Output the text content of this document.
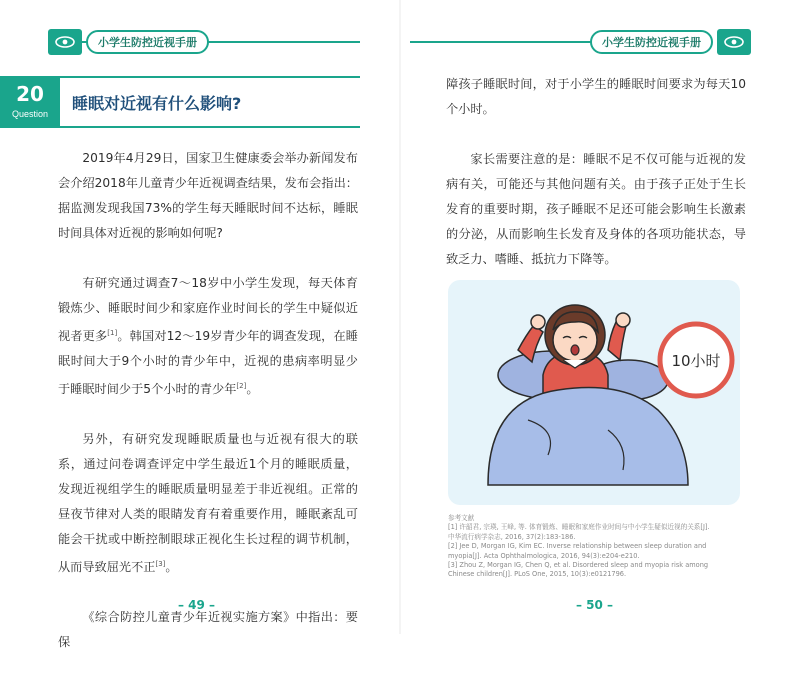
小学生防控近视手册
20
Question
睡眠对近视有什么影响?

2019年4月29日，国家卫生健康委会举办新闻发布会介绍2018年儿童青少年近视调查结果，发布会指出：据监测发现我国73%的学生每天睡眠时间不达标，睡眠时间具体对近视的影响如何呢?

有研究通过调查7～18岁中小学生发现，每天体育锻炼少、睡眠时间少和家庭作业时间长的学生中疑似近视者更多[1]。韩国对12～19岁青少年的调查发现，在睡眠时间大于9个小时的青少年中，近视的患病率明显少于睡眠时间少于5个小时的青少年[2]。

另外，有研究发现睡眠质量也与近视有很大的联系，通过问卷调查评定中学生最近1个月的睡眠质量，发现近视组学生的睡眠质量明显差于非近视组。正常的昼夜节律对人类的眼睛发育有着重要作用，睡眠紊乱可能会干扰或中断控制眼球正视化生长过程的调节机制，从而导致屈光不正[3]。

《综合防控儿童青少年近视实施方案》中指出：要保

– 49 –
小学生防控近视手册

障孩子睡眠时间，对于小学生的睡眠时间要求为每天10个小时。

家长需要注意的是：睡眠不足不仅可能与近视的发病有关，可能还与其他问题有关。由于孩子正处于生长发育的重要时期，孩子睡眠不足还可能会影响生长激素的分泌，从而影响生长发育及身体的各项功能状态，导致乏力、嗜睡、抵抗力下降等。

10小时
参考文献
[1] 许韶君, 宗瑛, 王峰, 等. 体育锻炼、睡眠和家庭作业时间与中小学生疑似近视的关系[J].
中华流行病学杂志, 2016, 37(2):183-186.
[2] Jee D, Morgan IG, Kim EC. Inverse relationship between sleep duration and
myopia[J]. Acta Ophthalmologica, 2016, 94(3):e204-e210.
[3] Zhou Z, Morgan IG, Chen Q, et al. Disordered sleep and myopia risk among
Chinese children[J]. PLoS One, 2015, 10(3):e0121796.
– 50 –
